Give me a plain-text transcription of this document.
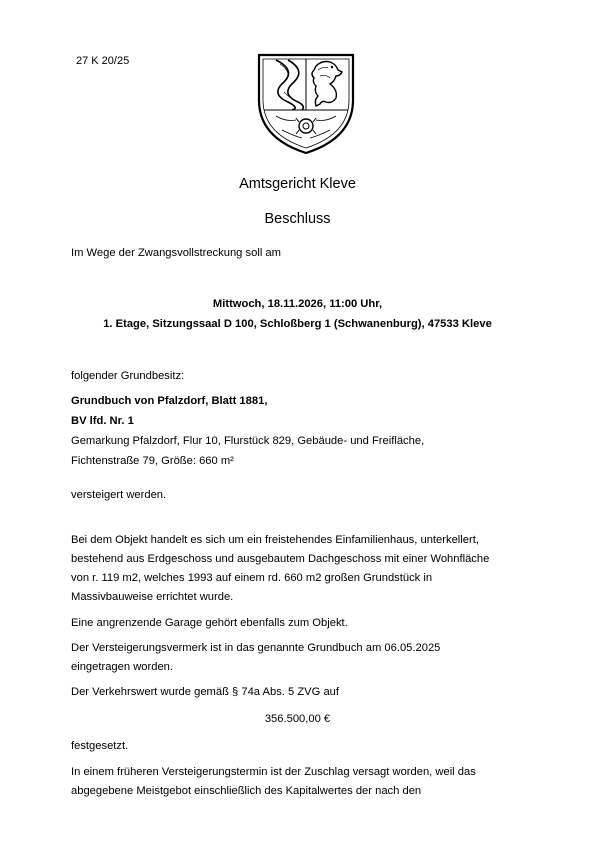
27 K 20/25
Amtsgericht Kleve
Beschluss
Im Wege der Zwangsvollstreckung soll am
Mittwoch, 18.11.2026, 11:00 Uhr,
1. Etage, Sitzungssaal D 100, Schloßberg 1 (Schwanenburg), 47533 Kleve
folgender Grundbesitz:
Grundbuch von Pfalzdorf, Blatt 1881,
BV lfd. Nr. 1
Gemarkung Pfalzdorf, Flur 10, Flurstück 829, Gebäude- und Freifläche,
Fichtenstraße 79, Größe: 660 m²
versteigert werden.
Bei dem Objekt handelt es sich um ein freistehendes Einfamilienhaus, unterkellert,
bestehend aus Erdgeschoss und ausgebautem Dachgeschoss mit einer Wohnfläche
von r. 119 m2, welches 1993 auf einem rd. 660 m2 großen Grundstück in
Massivbauweise errichtet wurde.
Eine angrenzende Garage gehört ebenfalls zum Objekt.
Der Versteigerungsvermerk ist in das genannte Grundbuch am 06.05.2025
eingetragen worden.
Der Verkehrswert wurde gemäß § 74a Abs. 5 ZVG auf
356.500,00 €
festgesetzt.
In einem früheren Versteigerungstermin ist der Zuschlag versagt worden, weil das
abgegebene Meistgebot einschließlich des Kapitalwertes der nach den
